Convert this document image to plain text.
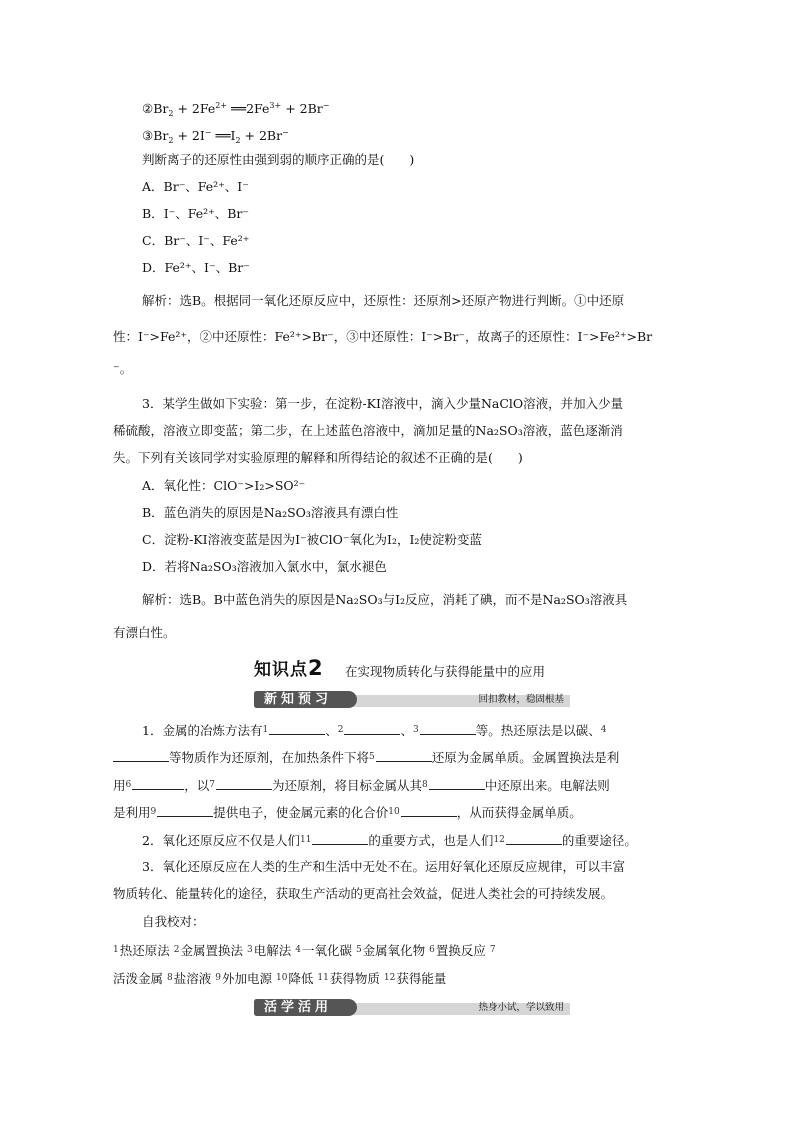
$②Br_2 + 2Fe^{2+}$ $══2Fe^{3+} + 2Br^-$
$③Br_2 + 2I^-$ $══I_2 + 2Br^-$
判断离子的还原性由强到弱的顺序正确的是(　　)
A．Br⁻、Fe²⁺、I⁻
B．I⁻、Fe²⁺、Br⁻
C．Br⁻、I⁻、Fe²⁺
D．Fe²⁺、I⁻、Br⁻
解析：选B。根据同一氧化还原反应中，还原性：还原剂>还原产物进行判断。①中还原
性：I⁻>Fe²⁺，②中还原性：Fe²⁺>Br⁻，③中还原性：I⁻>Br⁻，故离子的还原性：I⁻>Fe²⁺>Br
⁻。
3．某学生做如下实验：第一步，在淀粉-KI溶液中，滴入少量NaClO溶液，并加入少量
稀硫酸，溶液立即变蓝；第二步，在上述蓝色溶液中，滴加足量的Na₂SO₃溶液，蓝色逐渐消
失。下列有关该同学对实验原理的解释和所得结论的叙述不正确的是(　　)
A．氧化性：ClO⁻>I₂>SO²⁻
B．蓝色消失的原因是Na₂SO₃溶液具有漂白性
C．淀粉-KI溶液变蓝是因为I⁻被ClO⁻氧化为I₂，I₂使淀粉变蓝
D．若将Na₂SO₃溶液加入氯水中，氯水褪色
解析：选B。B中蓝色消失的原因是Na₂SO₃与I₂反应，消耗了碘，而不是Na₂SO₃溶液具
有漂白性。
知识点2 在实现物质转化与获得能量中的应用
新知预习	回扣教材，稳固根基
1．金属的冶炼方法有1	、2	、3	等。热还原法是以碳、4
等物质作为还原剂，在加热条件下将5	还原为金属单质。金属置换法是利
用6	，以7	为还原剂，将目标金属从其8	中还原出来。电解法则
是利用9	提供电子，使金属元素的化合价10	，从而获得金属单质。
2．氧化还原反应不仅是人们11	的重要方式，也是人们12	的重要途径。
3．氧化还原反应在人类的生产和生活中无处不在。运用好氧化还原反应规律，可以丰富
物质转化、能量转化的途径，获取生产活动的更高社会效益，促进人类社会的可持续发展。
自我校对：
1热还原法 2金属置换法 3电解法 4一氧化碳 5金属氧化物 6置换反应 7
活泼金属 8盐溶液 9外加电源 10降低 11获得物质 12获得能量
活学活用	热身小试，学以致用
